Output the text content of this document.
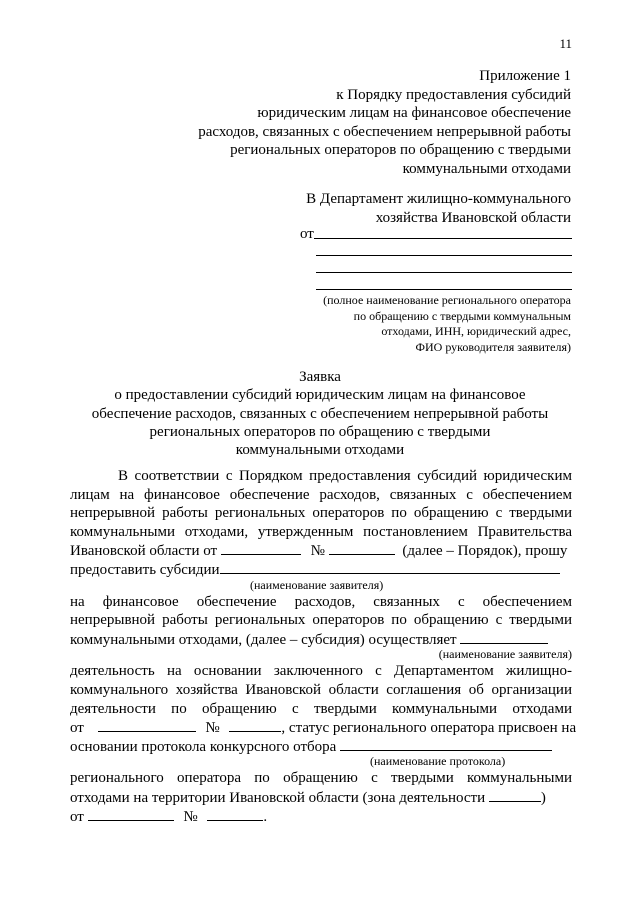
11
Приложение 1
к Порядку предоставления субсидий
юридическим лицам на финансовое обеспечение
расходов, связанных с обеспечением непрерывной работы
региональных операторов по обращению с твердыми
коммунальными отходами
В Департамент жилищно-коммунального
хозяйства Ивановской области
от
(полное наименование регионального оператора
по обращению с твердыми коммунальным
отходами, ИНН, юридический адрес,
ФИО руководителя заявителя)
Заявка
о предоставлении субсидий юридическим лицам на финансовое
обеспечение расходов, связанных с обеспечением непрерывной работы
региональных операторов по обращению с твердыми
коммунальными отходами
В соответствии с Порядком предоставления субсидий юридическим
лицам на финансовое обеспечение расходов, связанных с обеспечением
непрерывной работы региональных операторов по обращению с твердыми
коммунальными отходами, утвержденным постановлением Правительства
Ивановской области от	№	(далее – Порядок), прошу
предоставить субсидии
(наименование заявителя)
на финансовое обеспечение расходов, связанных с обеспечением
непрерывной работы региональных операторов по обращению с твердыми
коммунальными отходами, (далее – субсидия) осуществляет
(наименование заявителя)
деятельность на основании заключенного с Департаментом жилищно-
коммунального хозяйства Ивановской области соглашения об организации
деятельности по обращению с твердыми коммунальными отходами
от	№	, статус регионального оператора присвоен на
основании протокола конкурсного отбора
(наименование протокола)
регионального оператора по обращению с твердыми коммунальными
отходами на территории Ивановской области (зона деятельности	)
от	№	.
